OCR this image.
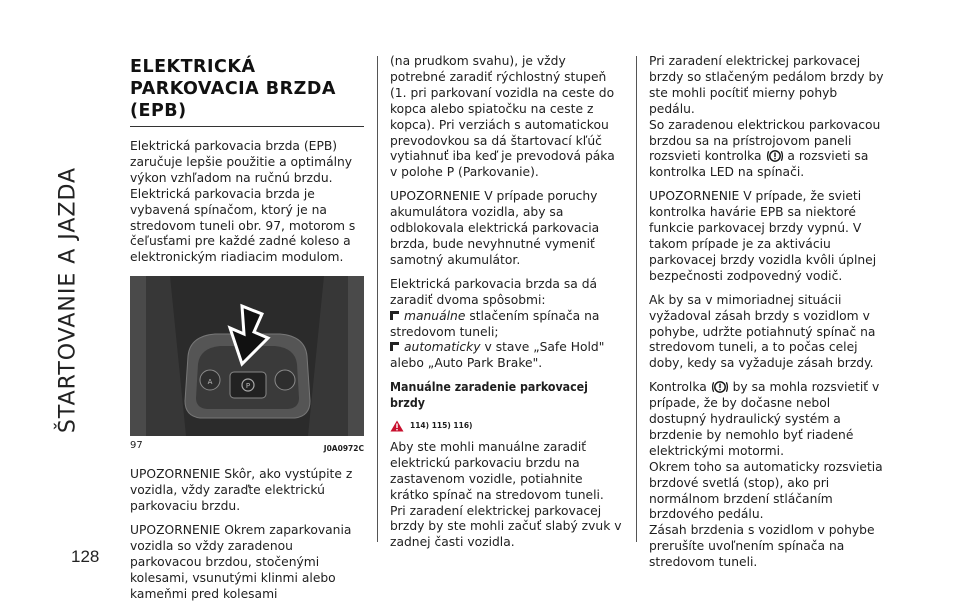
ŠTARTOVANIE A JAZDA
128
ELEKTRICKÁ
PARKOVACIA BRZDA
(EPB)

Elektrická parkovacia brzda (EPB) zaručuje lepšie použitie a optimálny výkon vzhľadom na ručnú brzdu. Elektrická parkovacia brzda je vybavená spínačom, ktorý je na stredovom tuneli obr. 97, motorom s čeľusťami pre každé zadné koleso a elektronickým riadiacim modulom.

A	P
97	J0A0972C

UPOZORNENIE Skôr, ako vystúpite z vozidla, vždy zaraďte elektrickú parkovaciu brzdu.

UPOZORNENIE Okrem zaparkovania vozidla so vždy zaradenou parkovacou brzdou, stočenými kolesami, vsunutými klinmi alebo kameňmi pred kolesami

(na prudkom svahu), je vždy potrebné zaradiť rýchlostný stupeň (1. pri parkovaní vozidla na ceste do kopca alebo spiatočku na ceste z kopca). Pri verziách s automatickou prevodovkou sa dá štartovací kľúč vytiahnuť iba keď je prevodová páka v polohe P (Parkovanie).

UPOZORNENIE V prípade poruchy akumulátora vozidla, aby sa odblokovala elektrická parkovacia brzda, bude nevyhnutné vymeniť samotný akumulátor.

Elektrická parkovacia brzda sa dá zaradiť dvoma spôsobmi:

manuálne stlačením spínača na stredovom tuneli;
automaticky v stave „Safe Hold" alebo „Auto Park Brake".
Manuálne zaradenie parkovacej brzdy
114) 115) 116)

Aby ste mohli manuálne zaradiť elektrickú parkovaciu brzdu na zastavenom vozidle, potiahnite krátko spínač na stredovom tuneli.

Pri zaradení elektrickej parkovacej brzdy by ste mohli začuť slabý zvuk v zadnej časti vozidla.

Pri zaradení elektrickej parkovacej brzdy so stlačeným pedálom brzdy by ste mohli pocítiť mierny pohyb pedálu.

So zaradenou elektrickou parkovacou brzdou sa na prístrojovom paneli rozsvieti kontrolka  a rozsvieti sa kontrolka LED na spínači.

UPOZORNENIE V prípade, že svieti kontrolka havárie EPB sa niektoré funkcie parkovacej brzdy vypnú. V takom prípade je za aktiváciu parkovacej brzdy vozidla kvôli úplnej bezpečnosti zodpovedný vodič.

Ak by sa v mimoriadnej situácii vyžadoval zásah brzdy s vozidlom v pohybe, udržte potiahnutý spínač na stredovom tuneli, a to počas celej doby, kedy sa vyžaduje zásah brzdy.

Kontrolka  by sa mohla rozsvietiť v prípade, že by dočasne nebol dostupný hydraulický systém a brzdenie by nemohlo byť riadené elektrickými motormi.

Okrem toho sa automaticky rozsvietia brzdové svetlá (stop), ako pri normálnom brzdení stláčaním brzdového pedálu.

Zásah brzdenia s vozidlom v pohybe prerušíte uvoľnením spínača na stredovom tuneli.
